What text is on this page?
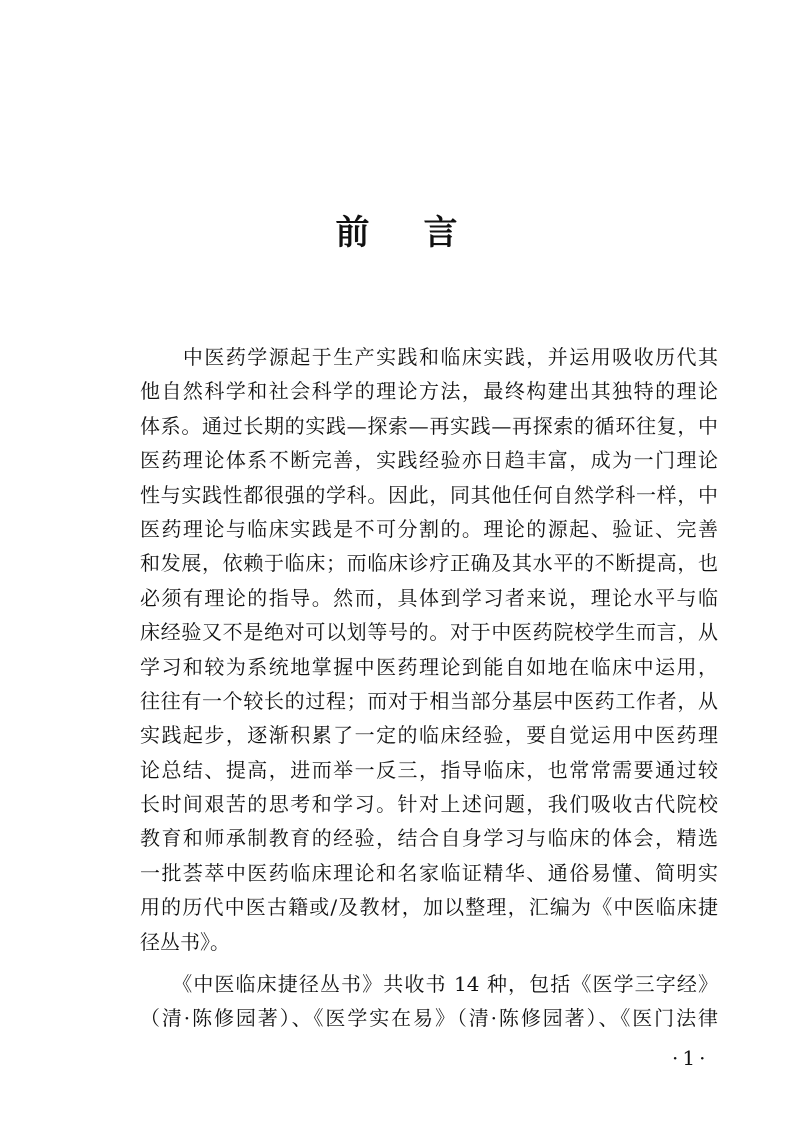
前言
　　中医药学源起于生产实践和临床实践，并运用吸收历代其
他自然科学和社会科学的理论方法，最终构建出其独特的理论
体系。通过长期的实践—探索—再实践—再探索的循环往复，中
医药理论体系不断完善，实践经验亦日趋丰富，成为一门理论
性与实践性都很强的学科。因此，同其他任何自然学科一样，中
医药理论与临床实践是不可分割的。理论的源起、验证、完善
和发展，依赖于临床；而临床诊疗正确及其水平的不断提高，也
必须有理论的指导。然而，具体到学习者来说，理论水平与临
床经验又不是绝对可以划等号的。对于中医药院校学生而言，从
学习和较为系统地掌握中医药理论到能自如地在临床中运用，
往往有一个较长的过程；而对于相当部分基层中医药工作者，从
实践起步，逐渐积累了一定的临床经验，要自觉运用中医药理
论总结、提高，进而举一反三，指导临床，也常常需要通过较
长时间艰苦的思考和学习。针对上述问题，我们吸收古代院校
教育和师承制教育的经验，结合自身学习与临床的体会，精选
一批荟萃中医药临床理论和名家临证精华、通俗易懂、简明实
用的历代中医古籍或/及教材，加以整理，汇编为《中医临床捷
径丛书》。
　　《中医临床捷径丛书》共收书 14 种，包括《医学三字经》
（清·陈修园著）、《医学实在易》（清·陈修园著）、《医门法律
·1·
